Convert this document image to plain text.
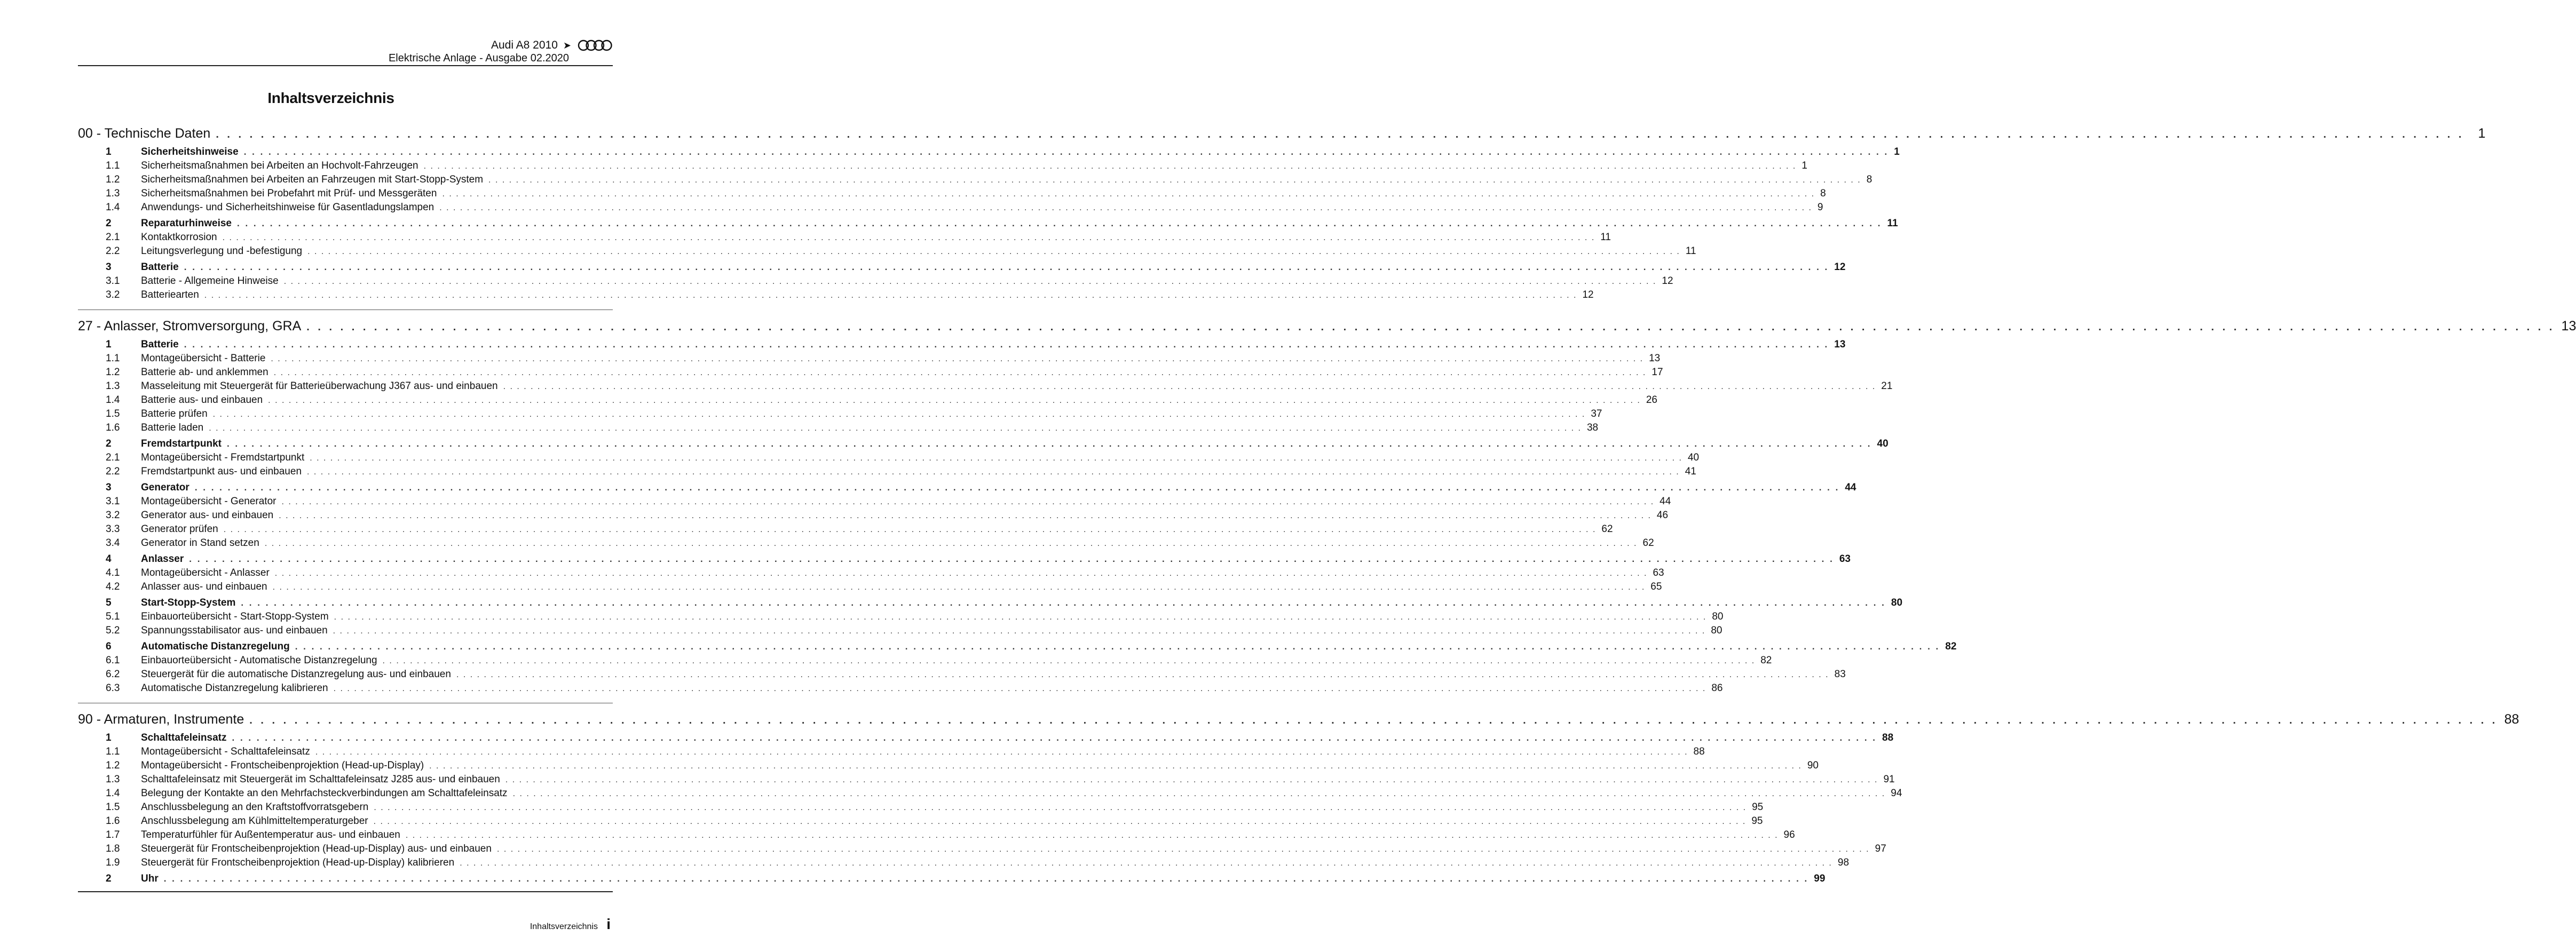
Audi A8 2010 ➤
Elektrische Anlage - Ausgabe 02.2020
Inhaltsverzeichnis
00 - Technische Daten . . . . . . . . . . . . . . . . . . . . . . . . . . . . . . . . . . . . . . . . . . . . . . . . . . . . . . . . . . . . . . . . . . . . . . . . . . . . . . . . . . . . . . . . . . . . . . . . . . . . . . . . . . . . . . . . . . . . . . . . . . . . . . . . . . . . . . . . . . . . . . . . . . . . . . . . . . . . . . . . . . . . . . . . . . . . . . . . . . . . . . . . . . . . . . . . . . . . . . . .	1
1	Sicherheitshinweise . . . . . . . . . . . . . . . . . . . . . . . . . . . . . . . . . . . . . . . . . . . . . . . . . . . . . . . . . . . . . . . . . . . . . . . . . . . . . . . . . . . . . . . . . . . . . . . . . . . . . . . . . . . . . . . . . . . . . . . . . . . . . . . . . . . . . . . . . . . . . . . . . . . . . . . . . . . . . . . . . . . . . . . . . . . . . . . . . . . . . . . . . . . . . . . . . . . . . . . . 1
1.1	Sicherheitsmaßnahmen bei Arbeiten an Hochvolt-Fahrzeugen . . . . . . . . . . . . . . . . . . . . . . . . . . . . . . . . . . . . . . . . . . . . . . . . . . . . . . . . . . . . . . . . . . . . . . . . . . . . . . . . . . . . . . . . . . . . . . . . . . . . . . . . . . . . . . . . . . . . . . . . . . . . . . . . . . . . . . . . . . . . . . . . . . . . . . . . . . . . . . . . . . . . . . . . . . . . . . . . . . . . . . . . . . . . . . . . . . . . . . . . 1
1.2	Sicherheitsmaßnahmen bei Arbeiten an Fahrzeugen mit Start-Stopp-System . . . . . . . . . . . . . . . . . . . . . . . . . . . . . . . . . . . . . . . . . . . . . . . . . . . . . . . . . . . . . . . . . . . . . . . . . . . . . . . . . . . . . . . . . . . . . . . . . . . . . . . . . . . . . . . . . . . . . . . . . . . . . . . . . . . . . . . . . . . . . . . . . . . . . . . . . . . . . . . . . . . . . . . . . . . . . . . . . . . . . . . . . . . . . . . . . . . . . . . . 8
1.3	Sicherheitsmaßnahmen bei Probefahrt mit Prüf- und Messgeräten . . . . . . . . . . . . . . . . . . . . . . . . . . . . . . . . . . . . . . . . . . . . . . . . . . . . . . . . . . . . . . . . . . . . . . . . . . . . . . . . . . . . . . . . . . . . . . . . . . . . . . . . . . . . . . . . . . . . . . . . . . . . . . . . . . . . . . . . . . . . . . . . . . . . . . . . . . . . . . . . . . . . . . . . . . . . . . . . . . . . . . . . . . . . . . . . . . . . . . . . 8
1.4	Anwendungs- und Sicherheitshinweise für Gasentladungslampen . . . . . . . . . . . . . . . . . . . . . . . . . . . . . . . . . . . . . . . . . . . . . . . . . . . . . . . . . . . . . . . . . . . . . . . . . . . . . . . . . . . . . . . . . . . . . . . . . . . . . . . . . . . . . . . . . . . . . . . . . . . . . . . . . . . . . . . . . . . . . . . . . . . . . . . . . . . . . . . . . . . . . . . . . . . . . . . . . . . . . . . . . . . . . . . . . . . . . . . . 9
2	Reparaturhinweise . . . . . . . . . . . . . . . . . . . . . . . . . . . . . . . . . . . . . . . . . . . . . . . . . . . . . . . . . . . . . . . . . . . . . . . . . . . . . . . . . . . . . . . . . . . . . . . . . . . . . . . . . . . . . . . . . . . . . . . . . . . . . . . . . . . . . . . . . . . . . . . . . . . . . . . . . . . . . . . . . . . . . . . . . . . . . . . . . . . . . . . . . . . . . . . . . . . . . . . . 11
2.1	Kontaktkorrosion . . . . . . . . . . . . . . . . . . . . . . . . . . . . . . . . . . . . . . . . . . . . . . . . . . . . . . . . . . . . . . . . . . . . . . . . . . . . . . . . . . . . . . . . . . . . . . . . . . . . . . . . . . . . . . . . . . . . . . . . . . . . . . . . . . . . . . . . . . . . . . . . . . . . . . . . . . . . . . . . . . . . . . . . . . . . . . . . . . . . . . . . . . . . . . . . . . . . . . . . 11
2.2	Leitungsverlegung und -befestigung . . . . . . . . . . . . . . . . . . . . . . . . . . . . . . . . . . . . . . . . . . . . . . . . . . . . . . . . . . . . . . . . . . . . . . . . . . . . . . . . . . . . . . . . . . . . . . . . . . . . . . . . . . . . . . . . . . . . . . . . . . . . . . . . . . . . . . . . . . . . . . . . . . . . . . . . . . . . . . . . . . . . . . . . . . . . . . . . . . . . . . . . . . . . . . . . . . . . . . . . 11
3	Batterie . . . . . . . . . . . . . . . . . . . . . . . . . . . . . . . . . . . . . . . . . . . . . . . . . . . . . . . . . . . . . . . . . . . . . . . . . . . . . . . . . . . . . . . . . . . . . . . . . . . . . . . . . . . . . . . . . . . . . . . . . . . . . . . . . . . . . . . . . . . . . . . . . . . . . . . . . . . . . . . . . . . . . . . . . . . . . . . . . . . . . . . . . . . . . . . . . . . . . . . . 12
3.1	Batterie - Allgemeine Hinweise . . . . . . . . . . . . . . . . . . . . . . . . . . . . . . . . . . . . . . . . . . . . . . . . . . . . . . . . . . . . . . . . . . . . . . . . . . . . . . . . . . . . . . . . . . . . . . . . . . . . . . . . . . . . . . . . . . . . . . . . . . . . . . . . . . . . . . . . . . . . . . . . . . . . . . . . . . . . . . . . . . . . . . . . . . . . . . . . . . . . . . . . . . . . . . . . . . . . . . . . 12
3.2	Batteriearten . . . . . . . . . . . . . . . . . . . . . . . . . . . . . . . . . . . . . . . . . . . . . . . . . . . . . . . . . . . . . . . . . . . . . . . . . . . . . . . . . . . . . . . . . . . . . . . . . . . . . . . . . . . . . . . . . . . . . . . . . . . . . . . . . . . . . . . . . . . . . . . . . . . . . . . . . . . . . . . . . . . . . . . . . . . . . . . . . . . . . . . . . . . . . . . . . . . . . . . . 12
27 - Anlasser, Stromversorgung, GRA . . . . . . . . . . . . . . . . . . . . . . . . . . . . . . . . . . . . . . . . . . . . . . . . . . . . . . . . . . . . . . . . . . . . . . . . . . . . . . . . . . . . . . . . . . . . . . . . . . . . . . . . . . . . . . . . . . . . . . . . . . . . . . . . . . . . . . . . . . . . . . . . . . . . . . . . . . . . . . . . . . . . . . . . . . . . . . . . . . . . . . . . . . . . . . . . . . . . . . . . 13
1	Batterie . . . . . . . . . . . . . . . . . . . . . . . . . . . . . . . . . . . . . . . . . . . . . . . . . . . . . . . . . . . . . . . . . . . . . . . . . . . . . . . . . . . . . . . . . . . . . . . . . . . . . . . . . . . . . . . . . . . . . . . . . . . . . . . . . . . . . . . . . . . . . . . . . . . . . . . . . . . . . . . . . . . . . . . . . . . . . . . . . . . . . . . . . . . . . . . . . . . . . . . . 13
1.1	Montageübersicht - Batterie . . . . . . . . . . . . . . . . . . . . . . . . . . . . . . . . . . . . . . . . . . . . . . . . . . . . . . . . . . . . . . . . . . . . . . . . . . . . . . . . . . . . . . . . . . . . . . . . . . . . . . . . . . . . . . . . . . . . . . . . . . . . . . . . . . . . . . . . . . . . . . . . . . . . . . . . . . . . . . . . . . . . . . . . . . . . . . . . . . . . . . . . . . . . . . . . . . . . . . . . 13
1.2	Batterie ab- und anklemmen . . . . . . . . . . . . . . . . . . . . . . . . . . . . . . . . . . . . . . . . . . . . . . . . . . . . . . . . . . . . . . . . . . . . . . . . . . . . . . . . . . . . . . . . . . . . . . . . . . . . . . . . . . . . . . . . . . . . . . . . . . . . . . . . . . . . . . . . . . . . . . . . . . . . . . . . . . . . . . . . . . . . . . . . . . . . . . . . . . . . . . . . . . . . . . . . . . . . . . . . 17
1.3	Masseleitung mit Steuergerät für Batterieüberwachung J367 aus- und einbauen . . . . . . . . . . . . . . . . . . . . . . . . . . . . . . . . . . . . . . . . . . . . . . . . . . . . . . . . . . . . . . . . . . . . . . . . . . . . . . . . . . . . . . . . . . . . . . . . . . . . . . . . . . . . . . . . . . . . . . . . . . . . . . . . . . . . . . . . . . . . . . . . . . . . . . . . . . . . . . . . . . . . . . . . . . . . . . . . . . . . . . . . . . . . . . . . . . . . . . . . 21
1.4	Batterie aus- und einbauen . . . . . . . . . . . . . . . . . . . . . . . . . . . . . . . . . . . . . . . . . . . . . . . . . . . . . . . . . . . . . . . . . . . . . . . . . . . . . . . . . . . . . . . . . . . . . . . . . . . . . . . . . . . . . . . . . . . . . . . . . . . . . . . . . . . . . . . . . . . . . . . . . . . . . . . . . . . . . . . . . . . . . . . . . . . . . . . . . . . . . . . . . . . . . . . . . . . . . . . . 26
1.5	Batterie prüfen . . . . . . . . . . . . . . . . . . . . . . . . . . . . . . . . . . . . . . . . . . . . . . . . . . . . . . . . . . . . . . . . . . . . . . . . . . . . . . . . . . . . . . . . . . . . . . . . . . . . . . . . . . . . . . . . . . . . . . . . . . . . . . . . . . . . . . . . . . . . . . . . . . . . . . . . . . . . . . . . . . . . . . . . . . . . . . . . . . . . . . . . . . . . . . . . . . . . . . . . 37
1.6	Batterie laden . . . . . . . . . . . . . . . . . . . . . . . . . . . . . . . . . . . . . . . . . . . . . . . . . . . . . . . . . . . . . . . . . . . . . . . . . . . . . . . . . . . . . . . . . . . . . . . . . . . . . . . . . . . . . . . . . . . . . . . . . . . . . . . . . . . . . . . . . . . . . . . . . . . . . . . . . . . . . . . . . . . . . . . . . . . . . . . . . . . . . . . . . . . . . . . . . . . . . . . . 38
2	Fremdstartpunkt . . . . . . . . . . . . . . . . . . . . . . . . . . . . . . . . . . . . . . . . . . . . . . . . . . . . . . . . . . . . . . . . . . . . . . . . . . . . . . . . . . . . . . . . . . . . . . . . . . . . . . . . . . . . . . . . . . . . . . . . . . . . . . . . . . . . . . . . . . . . . . . . . . . . . . . . . . . . . . . . . . . . . . . . . . . . . . . . . . . . . . . . . . . . . . . . . . . . . . . . 40
2.1	Montageübersicht - Fremdstartpunkt . . . . . . . . . . . . . . . . . . . . . . . . . . . . . . . . . . . . . . . . . . . . . . . . . . . . . . . . . . . . . . . . . . . . . . . . . . . . . . . . . . . . . . . . . . . . . . . . . . . . . . . . . . . . . . . . . . . . . . . . . . . . . . . . . . . . . . . . . . . . . . . . . . . . . . . . . . . . . . . . . . . . . . . . . . . . . . . . . . . . . . . . . . . . . . . . . . . . . . . . 40
2.2	Fremdstartpunkt aus- und einbauen . . . . . . . . . . . . . . . . . . . . . . . . . . . . . . . . . . . . . . . . . . . . . . . . . . . . . . . . . . . . . . . . . . . . . . . . . . . . . . . . . . . . . . . . . . . . . . . . . . . . . . . . . . . . . . . . . . . . . . . . . . . . . . . . . . . . . . . . . . . . . . . . . . . . . . . . . . . . . . . . . . . . . . . . . . . . . . . . . . . . . . . . . . . . . . . . . . . . . . . . 41
3	Generator . . . . . . . . . . . . . . . . . . . . . . . . . . . . . . . . . . . . . . . . . . . . . . . . . . . . . . . . . . . . . . . . . . . . . . . . . . . . . . . . . . . . . . . . . . . . . . . . . . . . . . . . . . . . . . . . . . . . . . . . . . . . . . . . . . . . . . . . . . . . . . . . . . . . . . . . . . . . . . . . . . . . . . . . . . . . . . . . . . . . . . . . . . . . . . . . . . . . . . . . 44
3.1	Montageübersicht - Generator . . . . . . . . . . . . . . . . . . . . . . . . . . . . . . . . . . . . . . . . . . . . . . . . . . . . . . . . . . . . . . . . . . . . . . . . . . . . . . . . . . . . . . . . . . . . . . . . . . . . . . . . . . . . . . . . . . . . . . . . . . . . . . . . . . . . . . . . . . . . . . . . . . . . . . . . . . . . . . . . . . . . . . . . . . . . . . . . . . . . . . . . . . . . . . . . . . . . . . . . 44
3.2	Generator aus- und einbauen . . . . . . . . . . . . . . . . . . . . . . . . . . . . . . . . . . . . . . . . . . . . . . . . . . . . . . . . . . . . . . . . . . . . . . . . . . . . . . . . . . . . . . . . . . . . . . . . . . . . . . . . . . . . . . . . . . . . . . . . . . . . . . . . . . . . . . . . . . . . . . . . . . . . . . . . . . . . . . . . . . . . . . . . . . . . . . . . . . . . . . . . . . . . . . . . . . . . . . . . 46
3.3	Generator prüfen . . . . . . . . . . . . . . . . . . . . . . . . . . . . . . . . . . . . . . . . . . . . . . . . . . . . . . . . . . . . . . . . . . . . . . . . . . . . . . . . . . . . . . . . . . . . . . . . . . . . . . . . . . . . . . . . . . . . . . . . . . . . . . . . . . . . . . . . . . . . . . . . . . . . . . . . . . . . . . . . . . . . . . . . . . . . . . . . . . . . . . . . . . . . . . . . . . . . . . . . 62
3.4	Generator in Stand setzen . . . . . . . . . . . . . . . . . . . . . . . . . . . . . . . . . . . . . . . . . . . . . . . . . . . . . . . . . . . . . . . . . . . . . . . . . . . . . . . . . . . . . . . . . . . . . . . . . . . . . . . . . . . . . . . . . . . . . . . . . . . . . . . . . . . . . . . . . . . . . . . . . . . . . . . . . . . . . . . . . . . . . . . . . . . . . . . . . . . . . . . . . . . . . . . . . . . . . . . . 62
4	Anlasser . . . . . . . . . . . . . . . . . . . . . . . . . . . . . . . . . . . . . . . . . . . . . . . . . . . . . . . . . . . . . . . . . . . . . . . . . . . . . . . . . . . . . . . . . . . . . . . . . . . . . . . . . . . . . . . . . . . . . . . . . . . . . . . . . . . . . . . . . . . . . . . . . . . . . . . . . . . . . . . . . . . . . . . . . . . . . . . . . . . . . . . . . . . . . . . . . . . . . . . . 63
4.1	Montageübersicht - Anlasser . . . . . . . . . . . . . . . . . . . . . . . . . . . . . . . . . . . . . . . . . . . . . . . . . . . . . . . . . . . . . . . . . . . . . . . . . . . . . . . . . . . . . . . . . . . . . . . . . . . . . . . . . . . . . . . . . . . . . . . . . . . . . . . . . . . . . . . . . . . . . . . . . . . . . . . . . . . . . . . . . . . . . . . . . . . . . . . . . . . . . . . . . . . . . . . . . . . . . . . . 63
4.2	Anlasser aus- und einbauen . . . . . . . . . . . . . . . . . . . . . . . . . . . . . . . . . . . . . . . . . . . . . . . . . . . . . . . . . . . . . . . . . . . . . . . . . . . . . . . . . . . . . . . . . . . . . . . . . . . . . . . . . . . . . . . . . . . . . . . . . . . . . . . . . . . . . . . . . . . . . . . . . . . . . . . . . . . . . . . . . . . . . . . . . . . . . . . . . . . . . . . . . . . . . . . . . . . . . . . . 65
5	Start-Stopp-System . . . . . . . . . . . . . . . . . . . . . . . . . . . . . . . . . . . . . . . . . . . . . . . . . . . . . . . . . . . . . . . . . . . . . . . . . . . . . . . . . . . . . . . . . . . . . . . . . . . . . . . . . . . . . . . . . . . . . . . . . . . . . . . . . . . . . . . . . . . . . . . . . . . . . . . . . . . . . . . . . . . . . . . . . . . . . . . . . . . . . . . . . . . . . . . . . . . . . . . . 80
5.1	Einbauorteübersicht - Start-Stopp-System . . . . . . . . . . . . . . . . . . . . . . . . . . . . . . . . . . . . . . . . . . . . . . . . . . . . . . . . . . . . . . . . . . . . . . . . . . . . . . . . . . . . . . . . . . . . . . . . . . . . . . . . . . . . . . . . . . . . . . . . . . . . . . . . . . . . . . . . . . . . . . . . . . . . . . . . . . . . . . . . . . . . . . . . . . . . . . . . . . . . . . . . . . . . . . . . . . . . . . . . 80
5.2	Spannungsstabilisator aus- und einbauen . . . . . . . . . . . . . . . . . . . . . . . . . . . . . . . . . . . . . . . . . . . . . . . . . . . . . . . . . . . . . . . . . . . . . . . . . . . . . . . . . . . . . . . . . . . . . . . . . . . . . . . . . . . . . . . . . . . . . . . . . . . . . . . . . . . . . . . . . . . . . . . . . . . . . . . . . . . . . . . . . . . . . . . . . . . . . . . . . . . . . . . . . . . . . . . . . . . . . . . . 80
6	Automatische Distanzregelung . . . . . . . . . . . . . . . . . . . . . . . . . . . . . . . . . . . . . . . . . . . . . . . . . . . . . . . . . . . . . . . . . . . . . . . . . . . . . . . . . . . . . . . . . . . . . . . . . . . . . . . . . . . . . . . . . . . . . . . . . . . . . . . . . . . . . . . . . . . . . . . . . . . . . . . . . . . . . . . . . . . . . . . . . . . . . . . . . . . . . . . . . . . . . . . . . . . . . . . . 82
6.1	Einbauorteübersicht - Automatische Distanzregelung . . . . . . . . . . . . . . . . . . . . . . . . . . . . . . . . . . . . . . . . . . . . . . . . . . . . . . . . . . . . . . . . . . . . . . . . . . . . . . . . . . . . . . . . . . . . . . . . . . . . . . . . . . . . . . . . . . . . . . . . . . . . . . . . . . . . . . . . . . . . . . . . . . . . . . . . . . . . . . . . . . . . . . . . . . . . . . . . . . . . . . . . . . . . . . . . . . . . . . . . 82
6.2	Steuergerät für die automatische Distanzregelung aus- und einbauen . . . . . . . . . . . . . . . . . . . . . . . . . . . . . . . . . . . . . . . . . . . . . . . . . . . . . . . . . . . . . . . . . . . . . . . . . . . . . . . . . . . . . . . . . . . . . . . . . . . . . . . . . . . . . . . . . . . . . . . . . . . . . . . . . . . . . . . . . . . . . . . . . . . . . . . . . . . . . . . . . . . . . . . . . . . . . . . . . . . . . . . . . . . . . . . . . . . . . . . . 83
6.3	Automatische Distanzregelung kalibrieren . . . . . . . . . . . . . . . . . . . . . . . . . . . . . . . . . . . . . . . . . . . . . . . . . . . . . . . . . . . . . . . . . . . . . . . . . . . . . . . . . . . . . . . . . . . . . . . . . . . . . . . . . . . . . . . . . . . . . . . . . . . . . . . . . . . . . . . . . . . . . . . . . . . . . . . . . . . . . . . . . . . . . . . . . . . . . . . . . . . . . . . . . . . . . . . . . . . . . . . . 86
90 - Armaturen, Instrumente . . . . . . . . . . . . . . . . . . . . . . . . . . . . . . . . . . . . . . . . . . . . . . . . . . . . . . . . . . . . . . . . . . . . . . . . . . . . . . . . . . . . . . . . . . . . . . . . . . . . . . . . . . . . . . . . . . . . . . . . . . . . . . . . . . . . . . . . . . . . . . . . . . . . . . . . . . . . . . . . . . . . . . . . . . . . . . . . . . . . . . . . . . . . . . . . . . . . . . . . 88
1	Schalttafeleinsatz . . . . . . . . . . . . . . . . . . . . . . . . . . . . . . . . . . . . . . . . . . . . . . . . . . . . . . . . . . . . . . . . . . . . . . . . . . . . . . . . . . . . . . . . . . . . . . . . . . . . . . . . . . . . . . . . . . . . . . . . . . . . . . . . . . . . . . . . . . . . . . . . . . . . . . . . . . . . . . . . . . . . . . . . . . . . . . . . . . . . . . . . . . . . . . . . . . . . . . . . 88
1.1	Montageübersicht - Schalttafeleinsatz . . . . . . . . . . . . . . . . . . . . . . . . . . . . . . . . . . . . . . . . . . . . . . . . . . . . . . . . . . . . . . . . . . . . . . . . . . . . . . . . . . . . . . . . . . . . . . . . . . . . . . . . . . . . . . . . . . . . . . . . . . . . . . . . . . . . . . . . . . . . . . . . . . . . . . . . . . . . . . . . . . . . . . . . . . . . . . . . . . . . . . . . . . . . . . . . . . . . . . . . 88
1.2	Montageübersicht - Frontscheibenprojektion (Head-up-Display) . . . . . . . . . . . . . . . . . . . . . . . . . . . . . . . . . . . . . . . . . . . . . . . . . . . . . . . . . . . . . . . . . . . . . . . . . . . . . . . . . . . . . . . . . . . . . . . . . . . . . . . . . . . . . . . . . . . . . . . . . . . . . . . . . . . . . . . . . . . . . . . . . . . . . . . . . . . . . . . . . . . . . . . . . . . . . . . . . . . . . . . . . . . . . . . . . . . . . . . . 90
1.3	Schalttafeleinsatz mit Steuergerät im Schalttafeleinsatz J285 aus- und einbauen . . . . . . . . . . . . . . . . . . . . . . . . . . . . . . . . . . . . . . . . . . . . . . . . . . . . . . . . . . . . . . . . . . . . . . . . . . . . . . . . . . . . . . . . . . . . . . . . . . . . . . . . . . . . . . . . . . . . . . . . . . . . . . . . . . . . . . . . . . . . . . . . . . . . . . . . . . . . . . . . . . . . . . . . . . . . . . . . . . . . . . . . . . . . . . . . . . . . . . . . 91
1.4	Belegung der Kontakte an den Mehrfachsteckverbindungen am Schalttafeleinsatz . . . . . . . . . . . . . . . . . . . . . . . . . . . . . . . . . . . . . . . . . . . . . . . . . . . . . . . . . . . . . . . . . . . . . . . . . . . . . . . . . . . . . . . . . . . . . . . . . . . . . . . . . . . . . . . . . . . . . . . . . . . . . . . . . . . . . . . . . . . . . . . . . . . . . . . . . . . . . . . . . . . . . . . . . . . . . . . . . . . . . . . . . . . . . . . . . . . . . . . . 94
1.5	Anschlussbelegung an den Kraftstoffvorratsgebern . . . . . . . . . . . . . . . . . . . . . . . . . . . . . . . . . . . . . . . . . . . . . . . . . . . . . . . . . . . . . . . . . . . . . . . . . . . . . . . . . . . . . . . . . . . . . . . . . . . . . . . . . . . . . . . . . . . . . . . . . . . . . . . . . . . . . . . . . . . . . . . . . . . . . . . . . . . . . . . . . . . . . . . . . . . . . . . . . . . . . . . . . . . . . . . . . . . . . . . . 95
1.6	Anschlussbelegung am Kühlmitteltemperaturgeber . . . . . . . . . . . . . . . . . . . . . . . . . . . . . . . . . . . . . . . . . . . . . . . . . . . . . . . . . . . . . . . . . . . . . . . . . . . . . . . . . . . . . . . . . . . . . . . . . . . . . . . . . . . . . . . . . . . . . . . . . . . . . . . . . . . . . . . . . . . . . . . . . . . . . . . . . . . . . . . . . . . . . . . . . . . . . . . . . . . . . . . . . . . . . . . . . . . . . . . . 95
1.7	Temperaturfühler für Außentemperatur aus- und einbauen . . . . . . . . . . . . . . . . . . . . . . . . . . . . . . . . . . . . . . . . . . . . . . . . . . . . . . . . . . . . . . . . . . . . . . . . . . . . . . . . . . . . . . . . . . . . . . . . . . . . . . . . . . . . . . . . . . . . . . . . . . . . . . . . . . . . . . . . . . . . . . . . . . . . . . . . . . . . . . . . . . . . . . . . . . . . . . . . . . . . . . . . . . . . . . . . . . . . . . . . 96
1.8	Steuergerät für Frontscheibenprojektion (Head-up-Display) aus- und einbauen . . . . . . . . . . . . . . . . . . . . . . . . . . . . . . . . . . . . . . . . . . . . . . . . . . . . . . . . . . . . . . . . . . . . . . . . . . . . . . . . . . . . . . . . . . . . . . . . . . . . . . . . . . . . . . . . . . . . . . . . . . . . . . . . . . . . . . . . . . . . . . . . . . . . . . . . . . . . . . . . . . . . . . . . . . . . . . . . . . . . . . . . . . . . . . . . . . . . . . . . 97
1.9	Steuergerät für Frontscheibenprojektion (Head-up-Display) kalibrieren . . . . . . . . . . . . . . . . . . . . . . . . . . . . . . . . . . . . . . . . . . . . . . . . . . . . . . . . . . . . . . . . . . . . . . . . . . . . . . . . . . . . . . . . . . . . . . . . . . . . . . . . . . . . . . . . . . . . . . . . . . . . . . . . . . . . . . . . . . . . . . . . . . . . . . . . . . . . . . . . . . . . . . . . . . . . . . . . . . . . . . . . . . . . . . . . . . . . . . . . 98
2	Uhr . . . . . . . . . . . . . . . . . . . . . . . . . . . . . . . . . . . . . . . . . . . . . . . . . . . . . . . . . . . . . . . . . . . . . . . . . . . . . . . . . . . . . . . . . . . . . . . . . . . . . . . . . . . . . . . . . . . . . . . . . . . . . . . . . . . . . . . . . . . . . . . . . . . . . . . . . . . . . . . . . . . . . . . . . . . . . . . . . . . . . . . . . . . . . . . . . . . . . . . . 99
Inhaltsverzeichnis i
